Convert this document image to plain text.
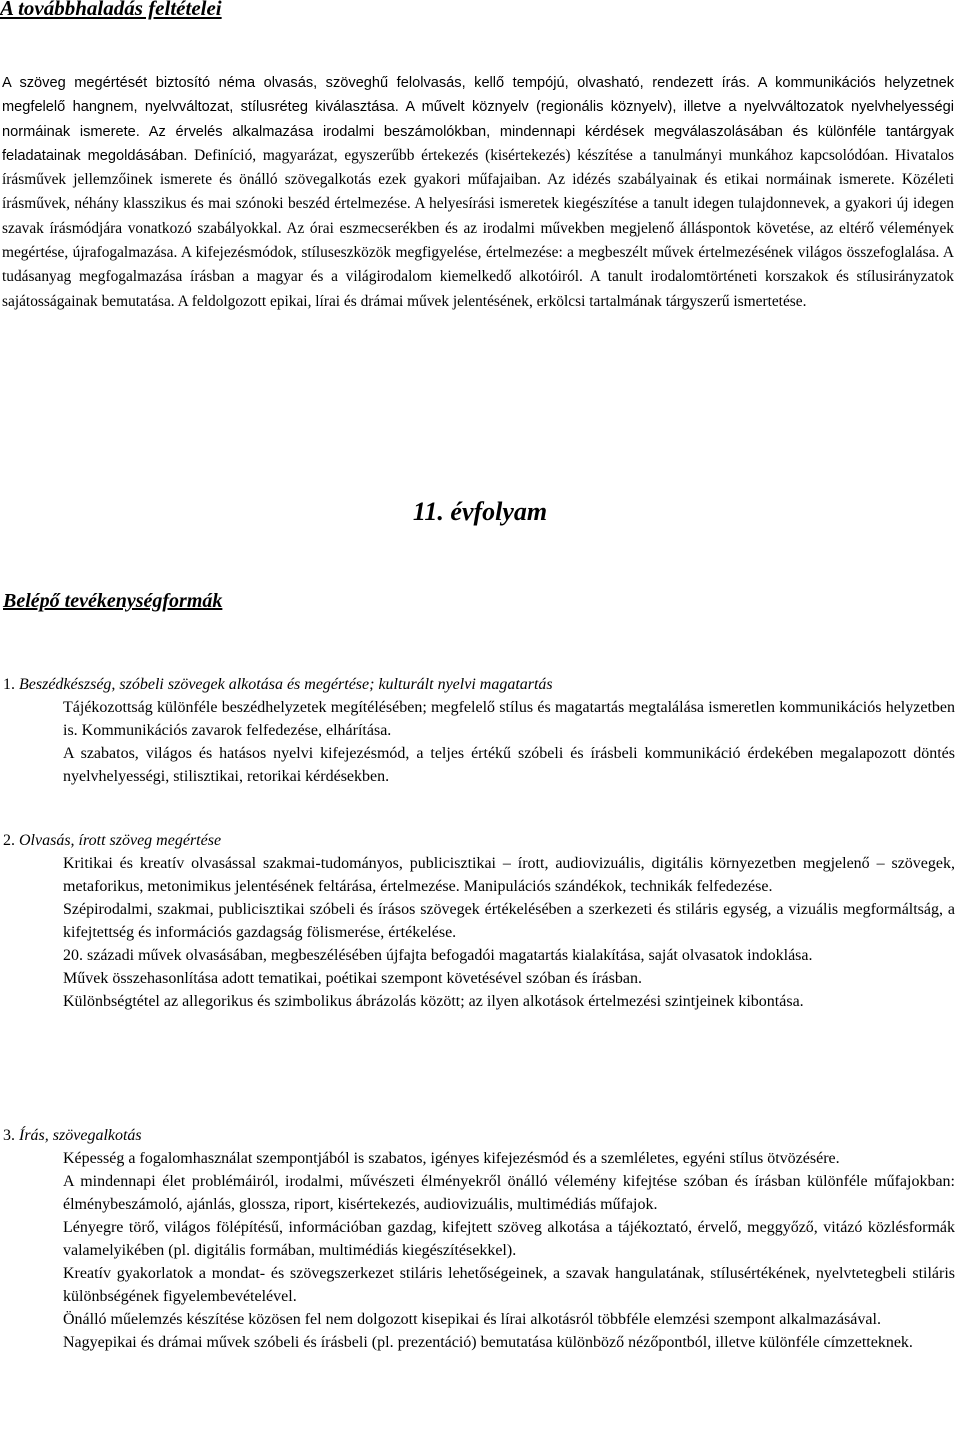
A továbbhaladás feltételei

A szöveg megértését biztosító néma olvasás, szöveghű felolvasás, kellő tempójú, olvasható, rendezett írás. A kommunikációs helyzetnek megfelelő hangnem, nyelvváltozat, stílusréteg kiválasztása. A művelt köznyelv (regionális köznyelv), illetve a nyelvváltozatok nyelvhelyességi normáinak ismerete. Az érvelés alkalmazása irodalmi beszámolókban, mindennapi kérdések megválaszolásában és különféle tantárgyak feladatainak megoldásában. Definíció, magyarázat, egyszerűbb értekezés (kisértekezés) készítése a tanulmányi munkához kapcsolódóan. Hivatalos írásművek jellemzőinek ismerete és önálló szövegalkotás ezek gyakori műfajaiban. Az idézés szabályainak és etikai normáinak ismerete. Közéleti írásművek, néhány klasszikus és mai szónoki beszéd értelmezése. A helyesírási ismeretek kiegészítése a tanult idegen tulajdonnevek, a gyakori új idegen szavak írásmódjára vonatkozó szabályokkal. Az órai eszmecserékben és az irodalmi művekben megjelenő álláspontok követése, az eltérő vélemények megértése, újrafogalmazása. A kifejezésmódok, stíluseszközök megfigyelése, értelmezése: a megbeszélt művek értelmezésének világos összefoglalása. A tudásanyag megfogalmazása írásban a magyar és a világirodalom kiemelkedő alkotóiról. A tanult irodalomtörténeti korszakok és stílusirányzatok sajátosságainak bemutatása. A feldolgozott epikai, lírai és drámai művek jelentésének, erkölcsi tartalmának tárgyszerű ismertetése.

11. évfolyam
Belépő tevékenységformák
1. Beszédkészség, szóbeli szövegek alkotása és megértése; kulturált nyelvi magatartás

Tájékozottság különféle beszédhelyzetek megítélésében; megfelelő stílus és magatartás megtalálása ismeretlen kommunikációs helyzetben is. Kommunikációs zavarok felfedezése, elhárítása.

A szabatos, világos és hatásos nyelvi kifejezésmód, a teljes értékű szóbeli és írásbeli kommunikáció érdekében megalapozott döntés nyelvhelyességi, stilisztikai, retorikai kérdésekben.

2. Olvasás, írott szöveg megértése

Kritikai és kreatív olvasással szakmai-tudományos, publicisztikai – írott, audiovizuális, digitális környezetben megjelenő – szövegek, metaforikus, metonimikus jelentésének feltárása, értelmezése. Manipulációs szándékok, technikák felfedezése.

Szépirodalmi, szakmai, publicisztikai szóbeli és írásos szövegek értékelésében a szerkezeti és stiláris egység, a vizuális megformáltság, a kifejtettség és információs gazdagság fölismerése, értékelése.

20. századi művek olvasásában, megbeszélésében újfajta befogadói magatartás kialakítása, saját olvasatok indoklása.

Művek összehasonlítása adott tematikai, poétikai szempont követésével szóban és írásban.

Különbségtétel az allegorikus és szimbolikus ábrázolás között; az ilyen alkotások értelmezési szintjeinek kibontása.

3. Írás, szövegalkotás

Képesség a fogalomhasználat szempontjából is szabatos, igényes kifejezésmód és a szemléletes, egyéni stílus ötvözésére.

A mindennapi élet problémáiról, irodalmi, művészeti élményekről önálló vélemény kifejtése szóban és írásban különféle műfajokban: élménybeszámoló, ajánlás, glossza, riport, kisértekezés, audiovizuális, multimédiás műfajok.

Lényegre törő, világos fölépítésű, információban gazdag, kifejtett szöveg alkotása a tájékoztató, érvelő, meggyőző, vitázó közlésformák valamelyikében (pl. digitális formában, multimédiás kiegészítésekkel).

Kreatív gyakorlatok a mondat- és szövegszerkezet stiláris lehetőségeinek, a szavak hangulatának, stílusértékének, nyelvtetegbeli stiláris különbségének figyelembevételével.

Önálló műelemzés készítése közösen fel nem dolgozott kisepikai és lírai alkotásról többféle elemzési szempont alkalmazásával.

Nagyepikai és drámai művek szóbeli és írásbeli (pl. prezentáció) bemutatása különböző nézőpontból, illetve különféle címzetteknek.
